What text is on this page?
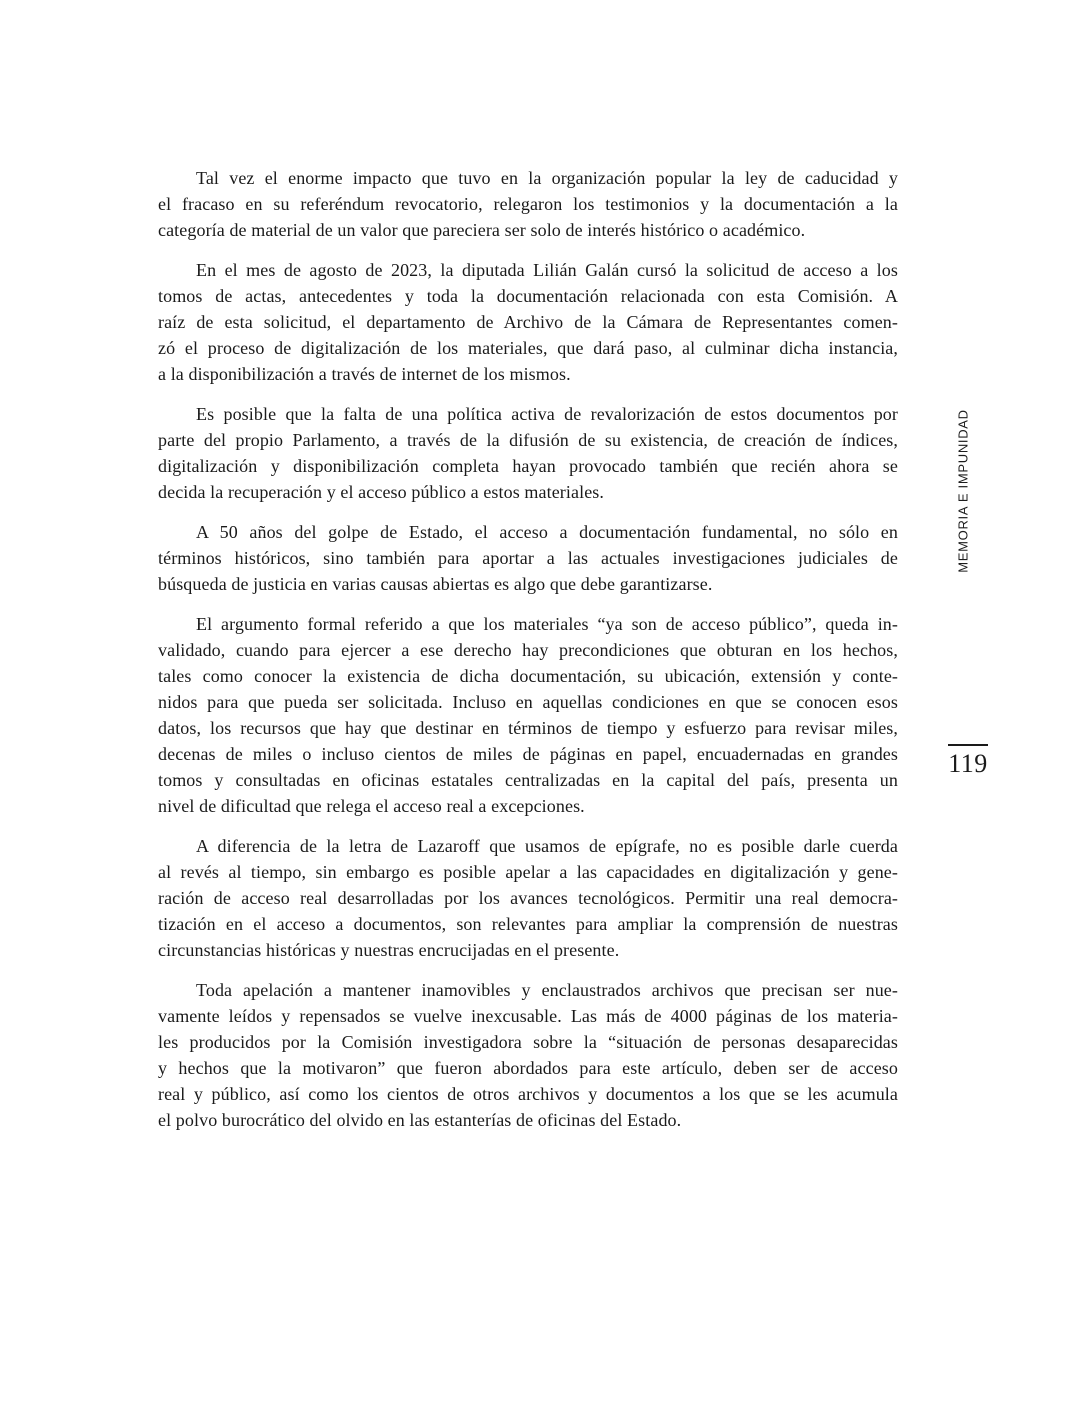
Tal vez el enorme impacto que tuvo en la organización popular la ley de caducidad y
el fracaso en su referéndum revocatorio, relegaron los testimonios y la documentación a la
categoría de material de un valor que pareciera ser solo de interés histórico o académico.
En el mes de agosto de 2023, la diputada Lilián Galán cursó la solicitud de acceso a los
tomos de actas, antecedentes y toda la documentación relacionada con esta Comisión. A
raíz de esta solicitud, el departamento de Archivo de la Cámara de Representantes comen-
zó el proceso de digitalización de los materiales, que dará paso, al culminar dicha instancia,
a la disponibilización a través de internet de los mismos.
Es posible que la falta de una política activa de revalorización de estos documentos por
parte del propio Parlamento, a través de la difusión de su existencia, de creación de índices,
digitalización y disponibilización completa hayan provocado también que recién ahora se
decida la recuperación y el acceso público a estos materiales.
A 50 años del golpe de Estado, el acceso a documentación fundamental, no sólo en
términos históricos, sino también para aportar a las actuales investigaciones judiciales de
búsqueda de justicia en varias causas abiertas es algo que debe garantizarse.
El argumento formal referido a que los materiales “ya son de acceso público”, queda in-
validado, cuando para ejercer a ese derecho hay precondiciones que obturan en los hechos,
tales como conocer la existencia de dicha documentación, su ubicación, extensión y conte-
nidos para que pueda ser solicitada. Incluso en aquellas condiciones en que se conocen esos
datos, los recursos que hay que destinar en términos de tiempo y esfuerzo para revisar miles,
decenas de miles o incluso cientos de miles de páginas en papel, encuadernadas en grandes
tomos y consultadas en oficinas estatales centralizadas en la capital del país, presenta un
nivel de dificultad que relega el acceso real a excepciones.
A diferencia de la letra de Lazaroff que usamos de epígrafe, no es posible darle cuerda
al revés al tiempo, sin embargo es posible apelar a las capacidades en digitalización y gene-
ración de acceso real desarrolladas por los avances tecnológicos. Permitir una real democra-
tización en el acceso a documentos, son relevantes para ampliar la comprensión de nuestras
circunstancias históricas y nuestras encrucijadas en el presente.
Toda apelación a mantener inamovibles y enclaustrados archivos que precisan ser nue-
vamente leídos y repensados se vuelve inexcusable. Las más de 4000 páginas de los materia-
les producidos por la Comisión investigadora sobre la “situación de personas desaparecidas
y hechos que la motivaron” que fueron abordados para este artículo, deben ser de acceso
real y público, así como los cientos de otros archivos y documentos a los que se les acumula
el polvo burocrático del olvido en las estanterías de oficinas del Estado.
MEMORIA E IMPUNIDAD
119
